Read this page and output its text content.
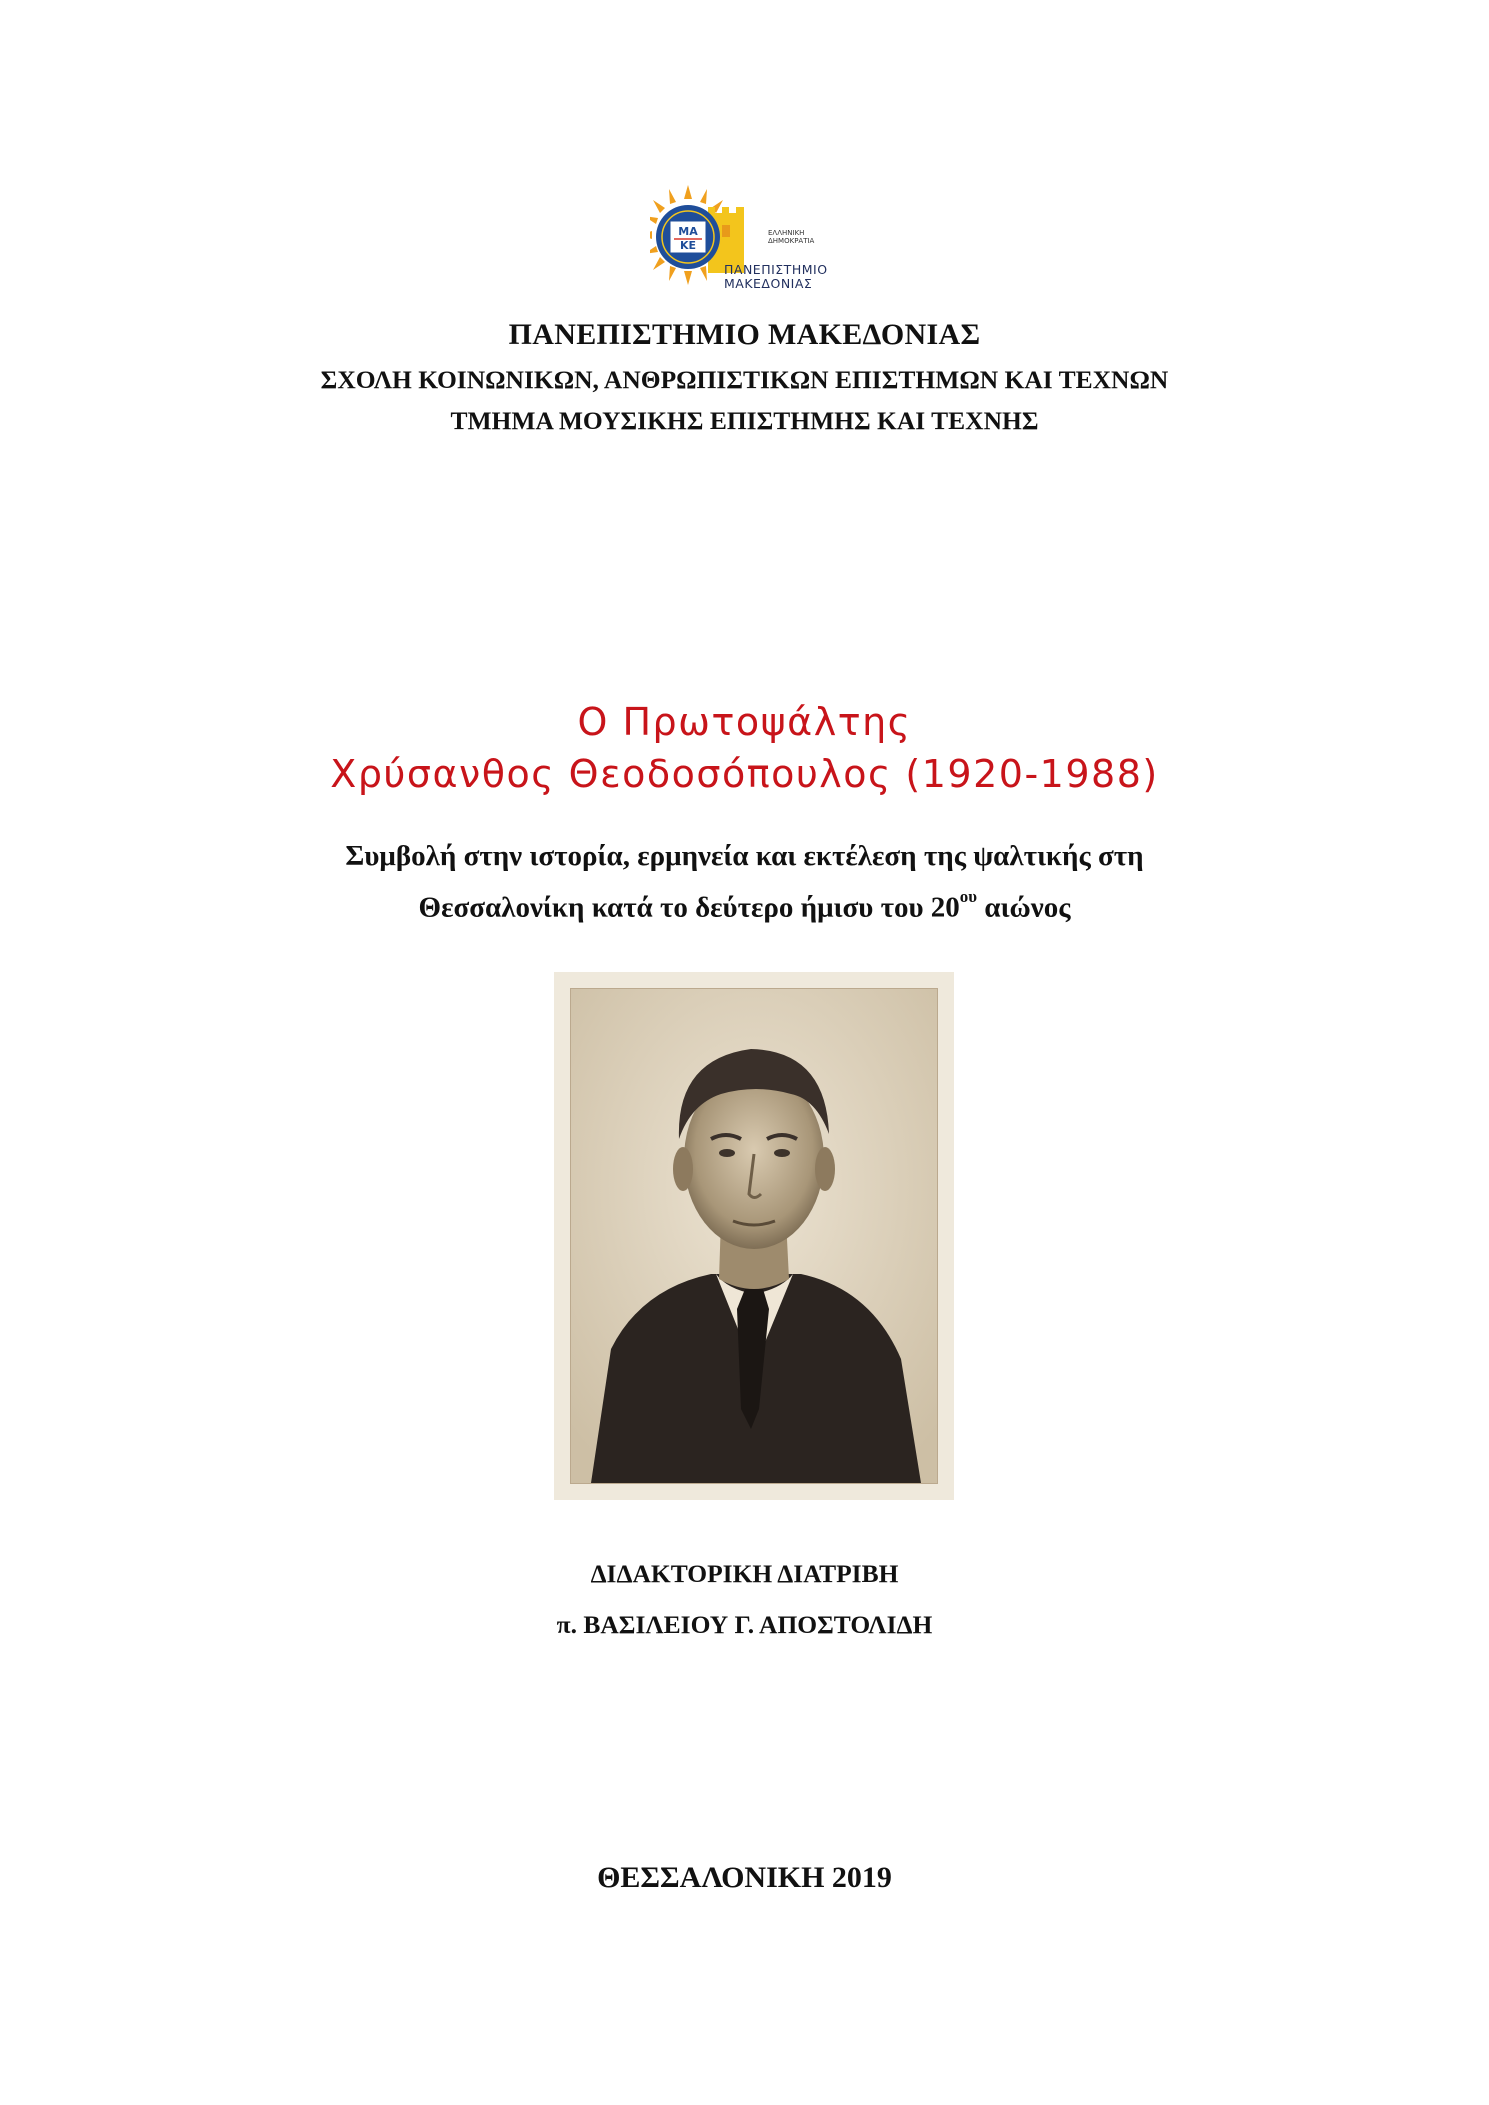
ΜΑ
ΚΕ
ΕΛΛΗΝΙΚΗ
ΔΗΜΟΚΡΑΤΙΑ
ΠΑΝΕΠΙΣΤΗΜΙΟ
ΜΑΚΕΔΟΝΙΑΣ
ΠΑΝΕΠΙΣΤΗΜΙΟ ΜΑΚΕΔΟΝΙΑΣ
ΣΧΟΛΗ ΚΟΙΝΩΝΙΚΩΝ, ΑΝΘΡΩΠΙΣΤΙΚΩΝ ΕΠΙΣΤΗΜΩΝ ΚΑΙ ΤΕΧΝΩΝ
ΤΜΗΜΑ ΜΟΥΣΙΚΗΣ ΕΠΙΣΤΗΜΗΣ ΚΑΙ ΤΕΧΝΗΣ
Ο Πρωτοψάλτης
Χρύσανθος Θεοδοσόπουλος (1920-1988)
Συμβολή στην ιστορία, ερμηνεία και εκτέλεση της ψαλτικής στη
Θεσσαλονίκη κατά το δεύτερο ήμισυ του $20^{o\upsilon}$ αιώνος
ΔΙΔΑΚΤΟΡΙΚΗ ΔΙΑΤΡΙΒΗ
π. ΒΑΣΙΛΕΙΟΥ Γ. ΑΠΟΣΤΟΛΙΔΗ
ΘΕΣΣΑΛΟΝΙΚΗ 2019
